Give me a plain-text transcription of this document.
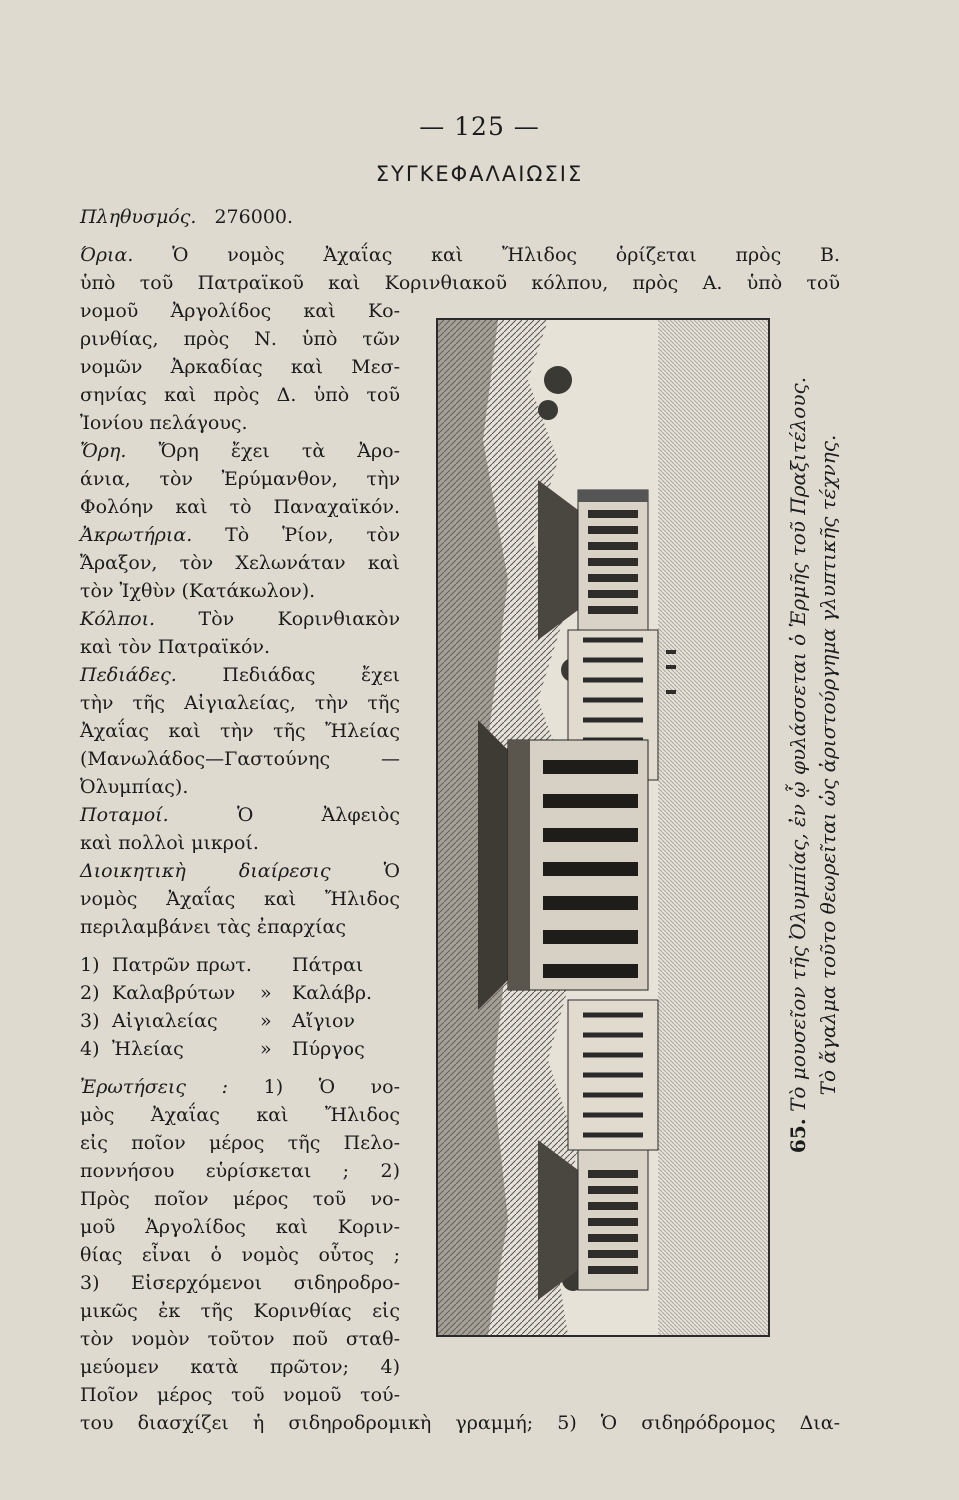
— 125 —
ΣΥΓΚΕΦΑΛΑΙΩΣΙΣ
Πληθυσμός. 276000.
Όρια. Ὁ νομὸς Ἀχαΐας καὶ Ἤλιδος ὁρίζεται πρὸς Β.
ὑπὸ τοῦ Πατραϊκοῦ καὶ Κορινθιακοῦ κόλπου, πρὸς Α. ὑπὸ τοῦ
νομοῦ Ἀργολίδος καὶ Κο-
ρινθίας, πρὸς Ν. ὑπὸ τῶν
νομῶν Ἀρκαδίας καὶ Μεσ-
σηνίας καὶ πρὸς Δ. ὑπὸ τοῦ
Ἰονίου πελάγους.
Ὄρη. Ὄρη ἔχει τὰ Ἀρο-
άνια, τὸν Ἐρύμανθον, τὴν
Φολόην καὶ τὸ Παναχαϊκόν.
Ἀκρωτήρια. Τὸ Ῥίον, τὸν
Ἄραξον, τὸν Χελωνάταν καὶ
τὸν Ἰχθὺν (Κατάκωλον).
Κόλποι. Τὸν Κορινθιακὸν
καὶ τὸν Πατραϊκόν.
Πεδιάδες. Πεδιάδας ἔχει
τὴν τῆς Αἰγιαλείας, τὴν τῆς
Ἀχαΐας καὶ τὴν τῆς Ἤλείας
(Μανωλάδος—Γαστούνης —
Ὀλυμπίας).
Ποταμοί.	Ὁ Ἀλφειὸς
καὶ πολλοὶ μικροί.
Διοικητικὴ διαίρεσις	Ὁ
νομὸς Ἀχαΐας καὶ Ἤλιδος
περιλαμβάνει τὰς ἐπαρχίας
1) Πατρῶν πρωτ. Πάτραι
2) Καλαβρύτων » Καλάβρ.
3) Αἰγιαλείας » Αἴγιον
4) Ἠλείας	» Πύργος
Ἐρωτήσεις : 1) Ὁ νο-
μὸς Ἀχαΐας καὶ Ἤλιδος
εἰς ποῖον μέρος τῆς Πελο-
ποννήσου εὑρίσκεται ; 2)
Πρὸς ποῖον μέρος τοῦ νο-
μοῦ Ἀργολίδος καὶ Κοριν-
θίας εἶναι ὁ νομὸς οὗτος ;
3) Εἰσερχόμενοι σιδηροδρο-
μικῶς ἐκ τῆς Κορινθίας εἰς
τὸν νομὸν τοῦτον ποῦ σταθ-
μεύομεν κατὰ πρῶτον; 4)
Ποῖον μέρος τοῦ νομοῦ τού-
του διασχίζει ἡ σιδηροδρομικὴ γραμμή; 5) Ὁ σιδηρόδρομος Δια-
65. Τὸ μουσεῖον τῆς Ὀλυμπίας, ἐν ᾧ φυλάσσεται ὁ Ἑρμῆς τοῦ Πραξιτέλους. Τὸ ἄγαλμα τοῦτο θεωρεῖται ὡς ἀριστούργημα γλυπτικῆς τέχνης.
